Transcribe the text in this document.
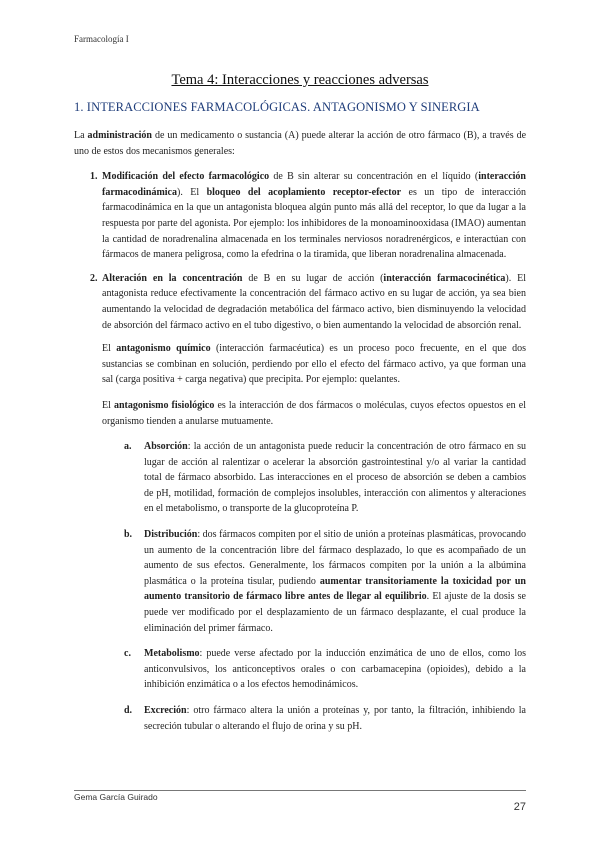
Farmacología I
Tema 4: Interacciones y reacciones adversas
1. INTERACCIONES FARMACOLÓGICAS. ANTAGONISMO Y SINERGIA

La administración de un medicamento o sustancia (A) puede alterar la acción de otro fármaco (B), a través de uno de estos dos mecanismos generales:

1. Modificación del efecto farmacológico de B sin alterar su concentración en el líquido (interacción farmacodinámica). El bloqueo del acoplamiento receptor-efector es un tipo de interacción farmacodinámica en la que un antagonista bloquea algún punto más allá del receptor, lo que da lugar a la respuesta por parte del agonista. Por ejemplo: los inhibidores de la monoaminooxidasa (IMAO) aumentan la cantidad de noradrenalina almacenada en los terminales nerviosos noradrenérgicos, e interactúan con fármacos de manera peligrosa, como la efedrina o la tiramida, que liberan noradrenalina almacenada.

2. Alteración en la concentración de B en su lugar de acción (interacción farmacocinética). El antagonista reduce efectivamente la concentración del fármaco activo en su lugar de acción, ya sea bien aumentando la velocidad de degradación metabólica del fármaco activo, bien disminuyendo la velocidad de absorción del fármaco activo en el tubo digestivo, o bien aumentando la velocidad de absorción renal.

El antagonismo químico (interacción farmacéutica) es un proceso poco frecuente, en el que dos sustancias se combinan en solución, perdiendo por ello el efecto del fármaco activo, ya que forman una sal (carga positiva + carga negativa) que precipita. Por ejemplo: quelantes.

El antagonismo fisiológico es la interacción de dos fármacos o moléculas, cuyos efectos opuestos en el organismo tienden a anularse mutuamente.

a. Absorción: la acción de un antagonista puede reducir la concentración de otro fármaco en su lugar de acción al ralentizar o acelerar la absorción gastrointestinal y/o al variar la cantidad total de fármaco absorbido. Las interacciones en el proceso de absorción se deben a cambios de pH, motilidad, formación de complejos insolubles, interacción con alimentos y alteraciones en el metabolismo, o transporte de la glucoproteína P.

b. Distribución: dos fármacos compiten por el sitio de unión a proteínas plasmáticas, provocando un aumento de la concentración libre del fármaco desplazado, lo que es acompañado de un aumento de sus efectos. Generalmente, los fármacos compiten por la unión a la albúmina plasmática o la proteína tisular, pudiendo aumentar transitoriamente la toxicidad por un aumento transitorio de fármaco libre antes de llegar al equilibrio. El ajuste de la dosis se puede ver modificado por el desplazamiento de un fármaco desplazante, el cual produce la eliminación del primer fármaco.

c. Metabolismo: puede verse afectado por la inducción enzimática de uno de ellos, como los anticonvulsivos, los anticonceptivos orales o con carbamacepina (opioides), debido a la inhibición enzimática o a los efectos hemodinámicos.

d. Excreción: otro fármaco altera la unión a proteínas y, por tanto, la filtración, inhibiendo la secreción tubular o alterando el flujo de orina y su pH.

Gema García Guirado
27
